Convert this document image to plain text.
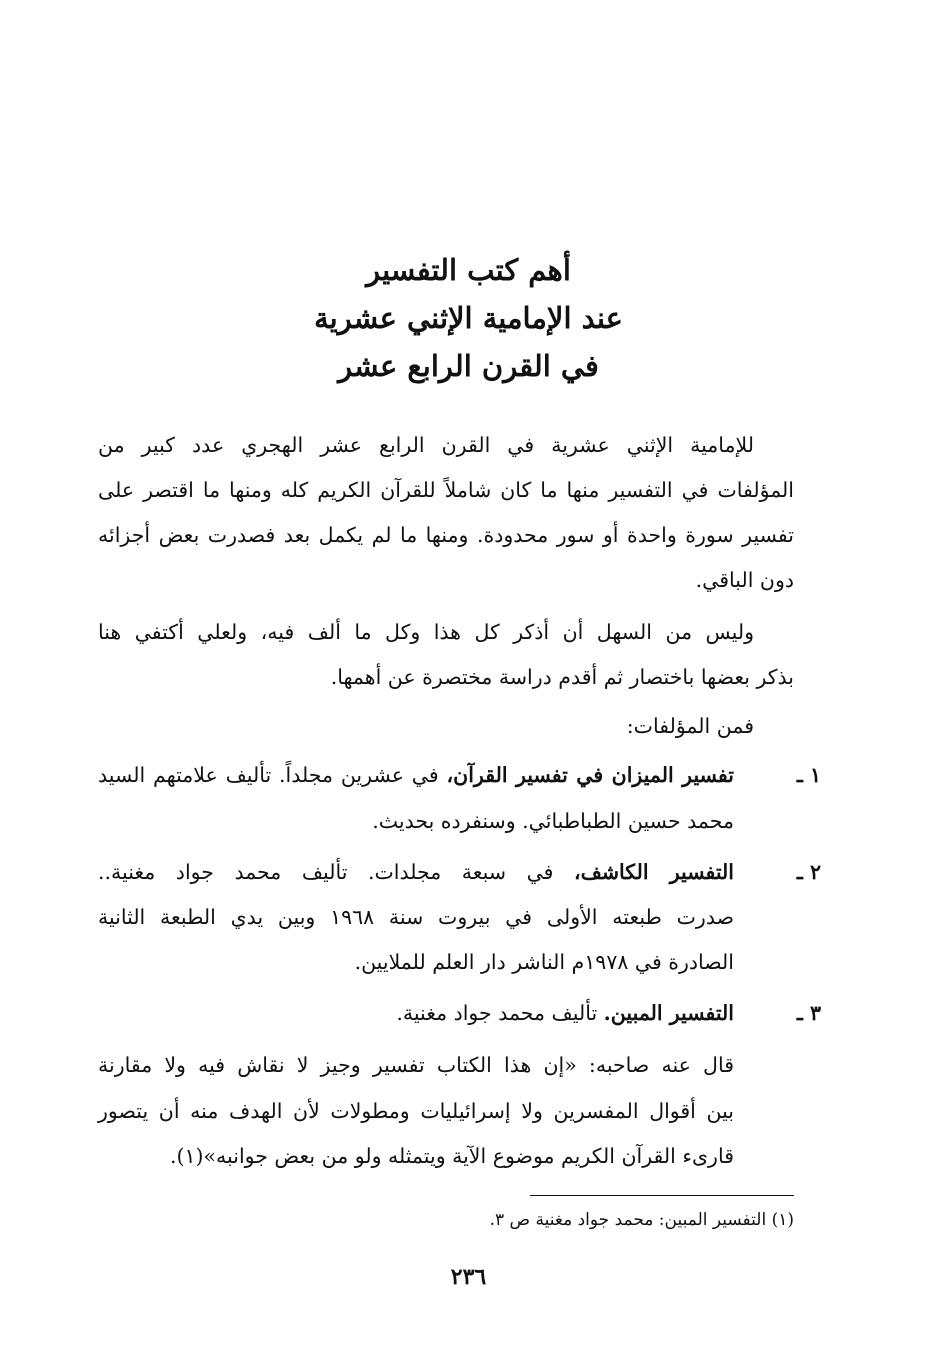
أهم كتب التفسير
عند الإمامية الإثني عشرية
في القرن الرابع عشر
للإمامية الإثني عشرية في القرن الرابع عشر الهجري عدد كبير من
المؤلفات في التفسير منها ما كان شاملاً للقرآن الكريم كله ومنها ما اقتصر على
تفسير سورة واحدة أو سور محدودة. ومنها ما لم يكمل بعد فصدرت بعض أجزائه
دون الباقي.
وليس من السهل أن أذكر كل هذا وكل ما ألف فيه، ولعلي أكتفي هنا
بذكر بعضها باختصار ثم أقدم دراسة مختصرة عن أهمها.
فمن المؤلفات:
١ ـ
تفسير الميزان في تفسير القرآن، في عشرين مجلداً. تأليف علامتهم السيد
محمد حسين الطباطبائي. وسنفرده بحديث.
٢ ـ
التفسير الكاشف، في سبعة مجلدات. تأليف محمد جواد مغنية..
صدرت طبعته الأولى في بيروت سنة ١٩٦٨ وبين يدي الطبعة الثانية
الصادرة في ١٩٧٨م الناشر دار العلم للملايين.
٣ ـ
التفسير المبين. تأليف محمد جواد مغنية.
قال عنه صاحبه: «إن هذا الكتاب تفسير وجيز لا نقاش فيه ولا مقارنة
بين أقوال المفسرين ولا إسرائيليات ومطولات لأن الهدف منه أن يتصور
قارىء القرآن الكريم موضوع الآية ويتمثله ولو من بعض جوانبه»(١).
(١) التفسير المبين: محمد جواد مغنية ص ٣.
٢٣٦
